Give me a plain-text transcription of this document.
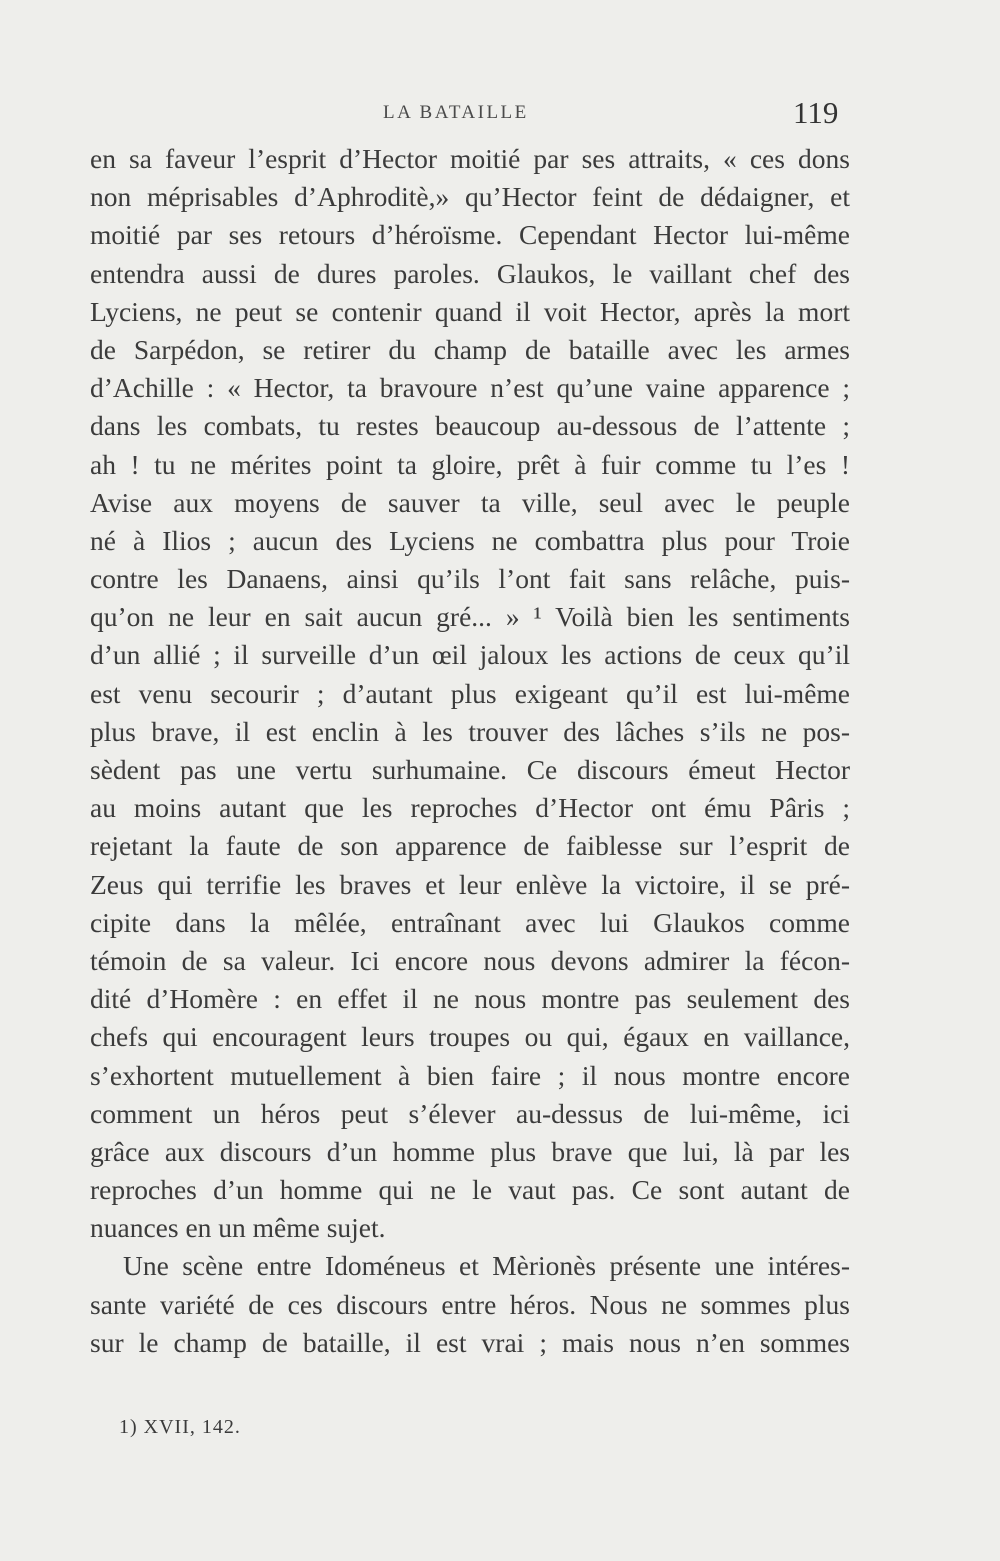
LA BATAILLE	119
en sa faveur l’esprit d’Hector moitié par ses attraits, « ces dons
non méprisables d’Aphroditè,» qu’Hector feint de dédaigner, et
moitié par ses retours d’héroïsme. Cependant Hector lui-même
entendra aussi de dures paroles. Glaukos, le vaillant chef des
Lyciens, ne peut se contenir quand il voit Hector, après la mort
de Sarpédon, se retirer du champ de bataille avec les armes
d’Achille : « Hector, ta bravoure n’est qu’une vaine apparence ;
dans les combats, tu restes beaucoup au-dessous de l’attente ;
ah ! tu ne mérites point ta gloire, prêt à fuir comme tu l’es !
Avise aux moyens de sauver ta ville, seul avec le peuple
né à Ilios ; aucun des Lyciens ne combattra plus pour Troie
contre les Danaens, ainsi qu’ils l’ont fait sans relâche, puis-
qu’on ne leur en sait aucun gré... » ¹ Voilà bien les sentiments
d’un allié ; il surveille d’un œil jaloux les actions de ceux qu’il
est venu secourir ; d’autant plus exigeant qu’il est lui-même
plus brave, il est enclin à les trouver des lâches s’ils ne pos-
sèdent pas une vertu surhumaine. Ce discours émeut Hector
au moins autant que les reproches d’Hector ont ému Pâris ;
rejetant la faute de son apparence de faiblesse sur l’esprit de
Zeus qui terrifie les braves et leur enlève la victoire, il se pré-
cipite dans la mêlée, entraînant avec lui Glaukos comme
témoin de sa valeur. Ici encore nous devons admirer la fécon-
dité d’Homère : en effet il ne nous montre pas seulement des
chefs qui encouragent leurs troupes ou qui, égaux en vaillance,
s’exhortent mutuellement à bien faire ; il nous montre encore
comment un héros peut s’élever au-dessus de lui-même, ici
grâce aux discours d’un homme plus brave que lui, là par les
reproches d’un homme qui ne le vaut pas. Ce sont autant de
nuances en un même sujet.
Une scène entre Idoméneus et Mèrionès présente une intéres-
sante variété de ces discours entre héros. Nous ne sommes plus
sur le champ de bataille, il est vrai ; mais nous n’en sommes
1) XVII, 142.
